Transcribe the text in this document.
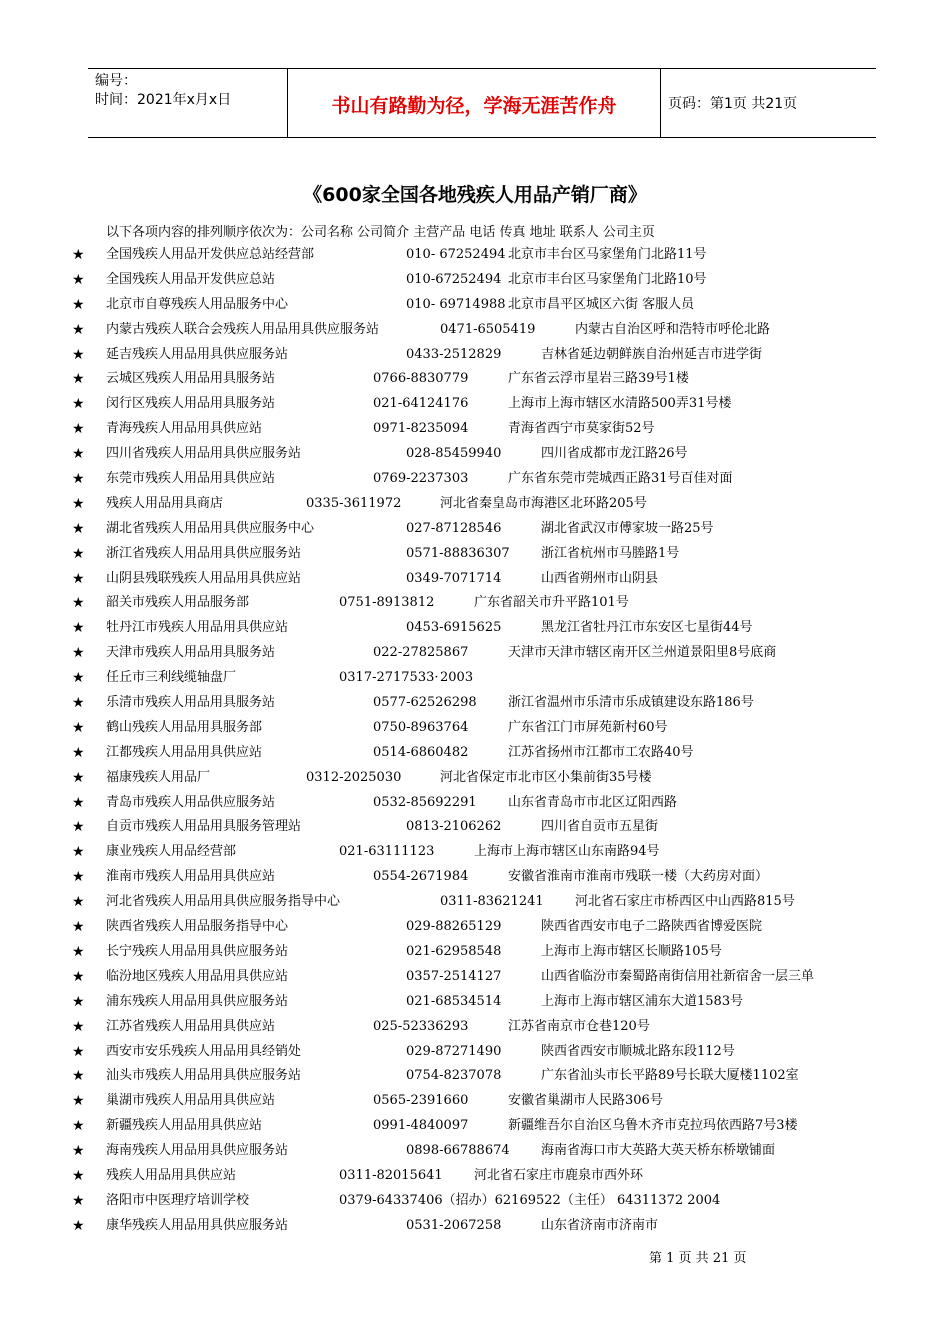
编号：
时间：2021年x月x日	书山有路勤为径，学海无涯苦作舟	页码：第1页 共21页
《600家全国各地残疾人用品产销厂商》
以下各项内容的排列顺序依次为：公司名称 公司简介 主营产品 电话 传真 地址 联系人 公司主页
★ 全国残疾人用品开发供应总站经营部	010- 67252494 北京市丰台区马家堡角门北路11号
★ 全国残疾人用品开发供应总站	010-67252494 北京市丰台区马家堡角门北路10号
★ 北京市自尊残疾人用品服务中心	010- 69714988 北京市昌平区城区六街 客服人员
★ 内蒙古残疾人联合会残疾人用品用具供应服务站	0471-6505419	内蒙古自治区呼和浩特市呼伦北路
★ 延吉残疾人用品用具供应服务站	0433-2512829	吉林省延边朝鲜族自治州延吉市进学街
★ 云城区残疾人用品用具服务站	0766-8830779	广东省云浮市星岩三路39号1楼
★ 闵行区残疾人用品用具服务站	021-64124176	上海市上海市辖区水清路500弄31号楼
★ 青海残疾人用品用具供应站	0971-8235094	青海省西宁市莫家街52号
★ 四川省残疾人用品用具供应服务站	028-85459940	四川省成都市龙江路26号
★ 东莞市残疾人用品用具供应站	0769-2237303	广东省东莞市莞城西正路31号百佳对面
★ 残疾人用品用具商店	0335-3611972	河北省秦皇岛市海港区北环路205号
★ 湖北省残疾人用品用具供应服务中心	027-87128546	湖北省武汉市傅家坡一路25号
★ 浙江省残疾人用品用具供应服务站	0571-88836307 浙江省杭州市马塍路1号
★ 山阴县残联残疾人用品用具供应站	0349-7071714	山西省朔州市山阴县
★ 韶关市残疾人用品服务部	0751-8913812	广东省韶关市升平路101号
★ 牡丹江市残疾人用品用具供应站	0453-6915625	黑龙江省牡丹江市东安区七星街44号
★ 天津市残疾人用品用具服务站	022-27825867	天津市天津市辖区南开区兰州道景阳里8号底商
★ 任丘市三利线缆轴盘厂	0317-2717533· 2003
★ 乐清市残疾人用品用具服务站	0577-62526298 浙江省温州市乐清市乐成镇建设东路186号
★ 鹤山残疾人用品用具服务部	0750-8963764	广东省江门市屏苑新村60号
★ 江都残疾人用品用具供应站	0514-6860482	江苏省扬州市江都市工农路40号
★ 福康残疾人用品厂	0312-2025030	河北省保定市北市区小集前街35号楼
★ 青岛市残疾人用品供应服务站	0532-85692291 山东省青岛市市北区辽阳西路
★ 自贡市残疾人用品用具服务管理站	0813-2106262	四川省自贡市五星街
★ 康业残疾人用品经营部	021-63111123	上海市上海市辖区山东南路94号
★ 淮南市残疾人用品用具供应站	0554-2671984	安徽省淮南市淮南市残联一楼（大药房对面）
★ 河北省残疾人用品用具供应服务指导中心	0311-83621241 河北省石家庄市桥西区中山西路815号
★ 陕西省残疾人用品服务指导中心	029-88265129	陕西省西安市电子二路陕西省博爱医院
★ 长宁残疾人用品用具供应服务站	021-62958548	上海市上海市辖区长顺路105号
★ 临汾地区残疾人用品用具供应站	0357-2514127	山西省临汾市秦蜀路南街信用社新宿舍一层三单
★ 浦东残疾人用品用具供应服务站	021-68534514	上海市上海市辖区浦东大道1583号
★ 江苏省残疾人用品用具供应站	025-52336293	江苏省南京市仓巷120号
★ 西安市安乐残疾人用品用具经销处	029-87271490	陕西省西安市顺城北路东段112号
★ 汕头市残疾人用品用具供应服务站	0754-8237078	广东省汕头市长平路89号长联大厦楼1102室
★ 巢湖市残疾人用品用具供应站	0565-2391660	安徽省巢湖市人民路306号
★ 新疆残疾人用品用具供应站	0991-4840097	新疆维吾尔自治区乌鲁木齐市克拉玛依西路7号3楼
★ 海南残疾人用品用具供应服务站	0898-66788674 海南省海口市大英路大英天桥东桥墩铺面
★ 残疾人用品用具供应站	0311-82015641 河北省石家庄市鹿泉市西外环
★ 洛阳市中医理疗培训学校	0379-64337406（招办）62169522（主任） 64311372 2004
★ 康华残疾人用品用具供应服务站	0531-2067258	山东省济南市济南市
第 1 页 共 21 页
